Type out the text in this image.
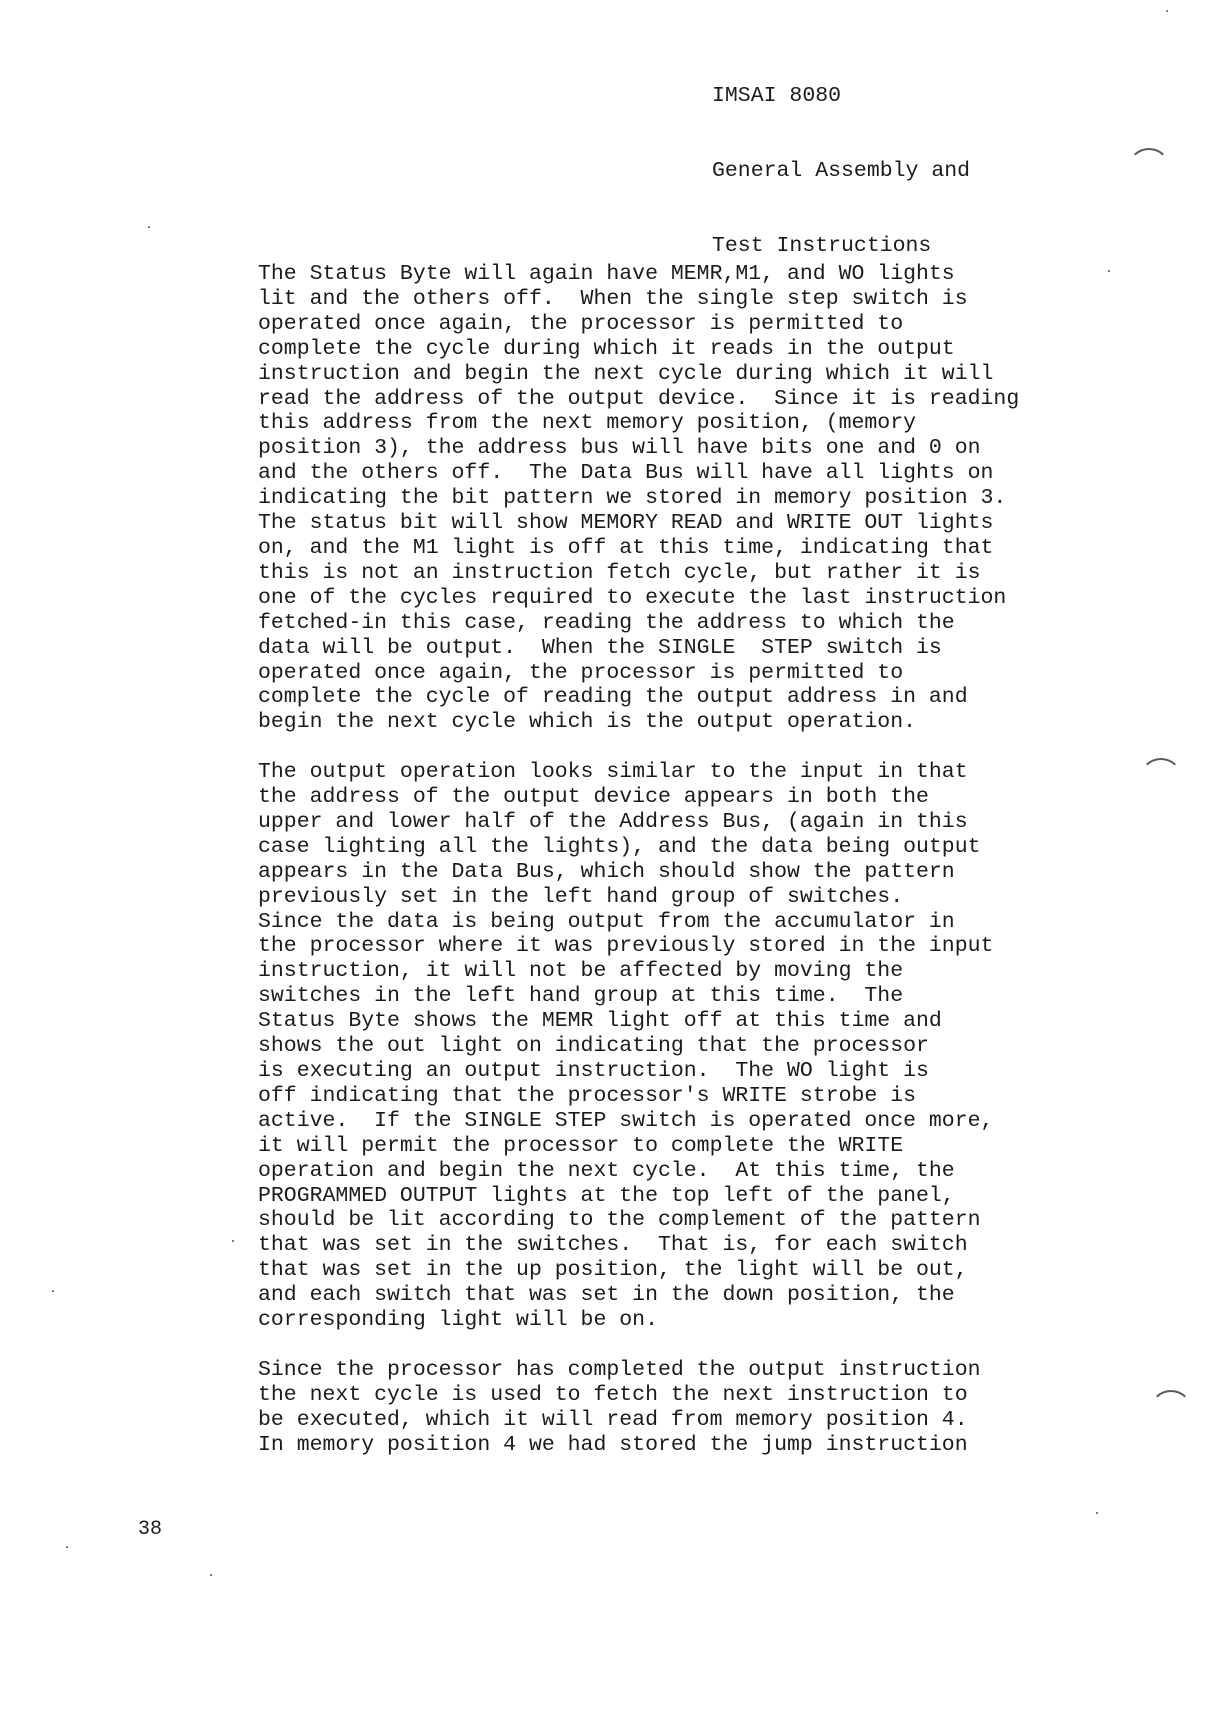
IMSAI 8080

General Assembly and

Test Instructions

The Status Byte will again have MEMR,M1, and WO lights
lit and the others off.  When the single step switch is
operated once again, the processor is permitted to
complete the cycle during which it reads in the output
instruction and begin the next cycle during which it will
read the address of the output device.  Since it is reading
this address from the next memory position, (memory
position 3), the address bus will have bits one and 0 on
and the others off.  The Data Bus will have all lights on
indicating the bit pattern we stored in memory position 3.
The status bit will show MEMORY READ and WRITE OUT lights
on, and the M1 light is off at this time, indicating that
this is not an instruction fetch cycle, but rather it is
one of the cycles required to execute the last instruction
fetched-in this case, reading the address to which the
data will be output.  When the SINGLE  STEP switch is
operated once again, the processor is permitted to
complete the cycle of reading the output address in and
begin the next cycle which is the output operation.
The output operation looks similar to the input in that
the address of the output device appears in both the
upper and lower half of the Address Bus, (again in this
case lighting all the lights), and the data being output
appears in the Data Bus, which should show the pattern
previously set in the left hand group of switches.
Since the data is being output from the accumulator in
the processor where it was previously stored in the input
instruction, it will not be affected by moving the
switches in the left hand group at this time.  The
Status Byte shows the MEMR light off at this time and
shows the out light on indicating that the processor
is executing an output instruction.  The WO light is
off indicating that the processor's WRITE strobe is
active.  If the SINGLE STEP switch is operated once more,
it will permit the processor to complete the WRITE
operation and begin the next cycle.  At this time, the
PROGRAMMED OUTPUT lights at the top left of the panel,
should be lit according to the complement of the pattern
that was set in the switches.  That is, for each switch
that was set in the up position, the light will be out,
and each switch that was set in the down position, the
corresponding light will be on.
Since the processor has completed the output instruction
the next cycle is used to fetch the next instruction to
be executed, which it will read from memory position 4.
In memory position 4 we had stored the jump instruction
38
